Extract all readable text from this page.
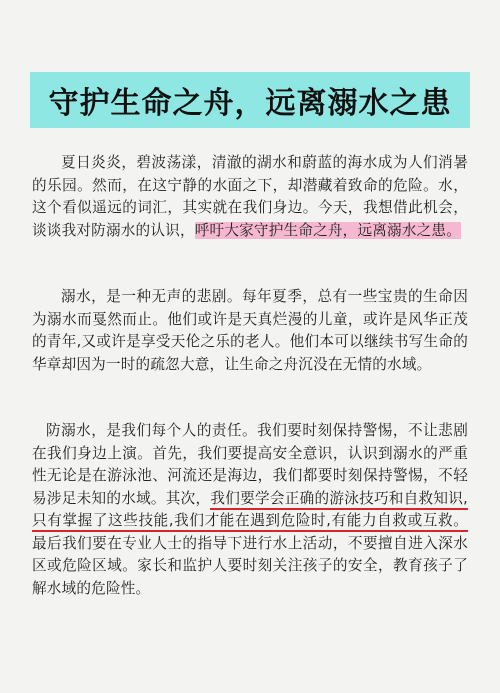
守护生命之舟，远离溺水之患

夏日炎炎，碧波荡漾，清澈的湖水和蔚蓝的海水成为人们消暑的乐园。然而，在这宁静的水面之下，却潜藏着致命的危险。水，这个看似遥远的词汇，其实就在我们身边。今天，我想借此机会，谈谈我对防溺水的认识，呼吁大家守护生命之舟，远离溺水之患。

溺水，是一种无声的悲剧。每年夏季，总有一些宝贵的生命因为溺水而戛然而止。他们或许是天真烂漫的儿童，或许是风华正茂的青年,又或许是享受天伦之乐的老人。他们本可以继续书写生命的华章却因为一时的疏忽大意，让生命之舟沉没在无情的水域。

防溺水，是我们每个人的责任。我们要时刻保持警惕，不让悲剧在我们身边上演。首先，我们要提高安全意识，认识到溺水的严重性无论是在游泳池、河流还是海边，我们都要时刻保持警惕，不轻易涉足未知的水域。其次，我们要学会正确的游泳技巧和自救知识,只有掌握了这些技能,我们才能在遇到危险时,有能力自救或互救。最后我们要在专业人士的指导下进行水上活动，不要擅自进入深水区或危险区域。家长和监护人要时刻关注孩子的安全，教育孩子了解水域的危险性。
